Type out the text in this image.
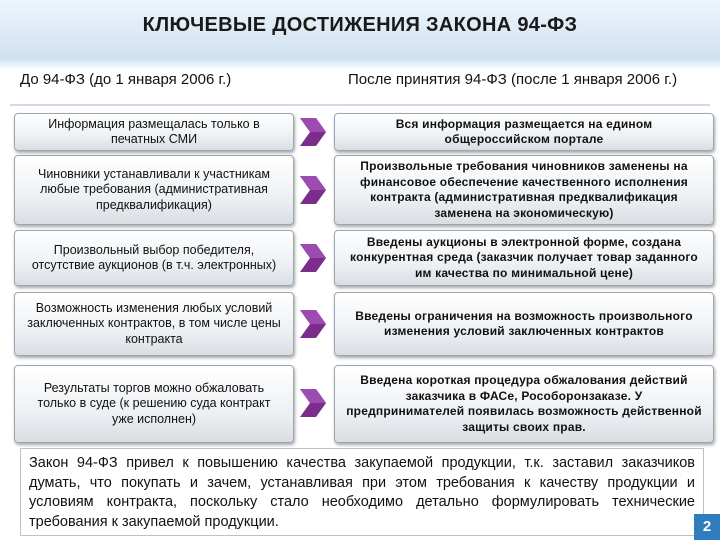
КЛЮЧЕВЫЕ ДОСТИЖЕНИЯ ЗАКОНА 94-ФЗ
До 94-ФЗ (до 1 января 2006 г.)	После принятия 94-ФЗ (после 1 января 2006 г.)
Информация размещалась только в печатных СМИ
Вся информация размещается на едином общероссийском портале
Чиновники устанавливали к участникам любые требования (административная предквалификация)
Произвольные требования чиновников заменены на финансовое обеспечение качественного исполнения контракта (административная предквалификация заменена на экономическую)
Произвольный выбор победителя, отсутствие аукционов (в т.ч. электронных)
Введены аукционы в электронной форме, создана конкурентная среда (заказчик получает товар заданного им качества по минимальной цене)
Возможность изменения любых условий заключенных контрактов, в том числе цены контракта
Введены ограничения на возможность произвольного изменения условий заключенных контрактов
Результаты торгов можно обжаловать только в суде (к решению суда контракт уже исполнен)
Введена короткая процедура обжалования действий заказчика в ФАСе, Рособоронзаказе. У предпринимателей появилась возможность действенной защиты своих прав.
Закон 94-ФЗ привел к повышению качества закупаемой продукции, т.к. заставил заказчиков думать, что покупать и зачем, устанавливая при этом требования к качеству продукции и условиям контракта, поскольку стало необходимо детально формулировать технические требования к закупаемой продукции.	2
